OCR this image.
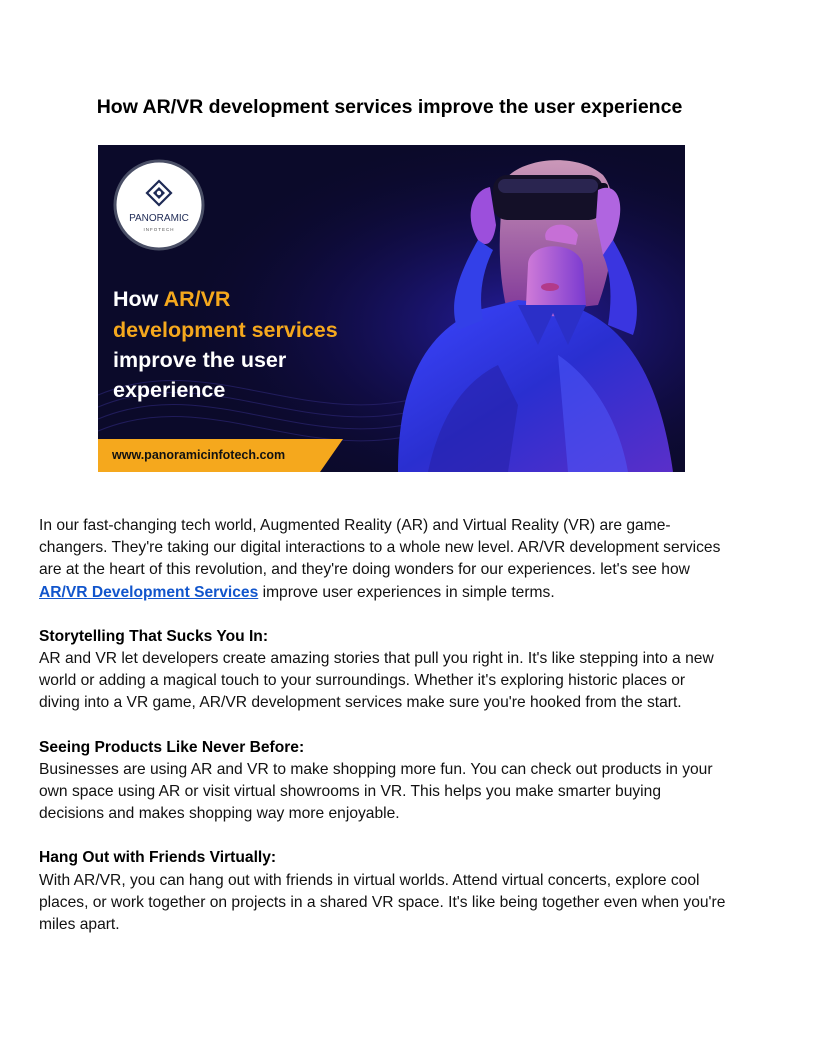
How AR/VR development services improve the user experience
PANORAMIC
INFOTECH
How AR/VR
development services
improve the user
experience
www.panoramicinfotech.com

In our fast-changing tech world, Augmented Reality (AR) and Virtual Reality (VR) are game-changers. They're taking our digital interactions to a whole new level. AR/VR development services are at the heart of this revolution, and they're doing wonders for our experiences. let's see how AR/VR Development Services improve user experiences in simple terms.

Storytelling That Sucks You In:
AR and VR let developers create amazing stories that pull you right in. It's like stepping into a new world or adding a magical touch to your surroundings. Whether it's exploring historic places or diving into a VR game, AR/VR development services make sure you're hooked from the start.

Seeing Products Like Never Before:
Businesses are using AR and VR to make shopping more fun. You can check out products in your own space using AR or visit virtual showrooms in VR. This helps you make smarter buying decisions and makes shopping way more enjoyable.

Hang Out with Friends Virtually:
With AR/VR, you can hang out with friends in virtual worlds. Attend virtual concerts, explore cool places, or work together on projects in a shared VR space. It's like being together even when you're miles apart.
